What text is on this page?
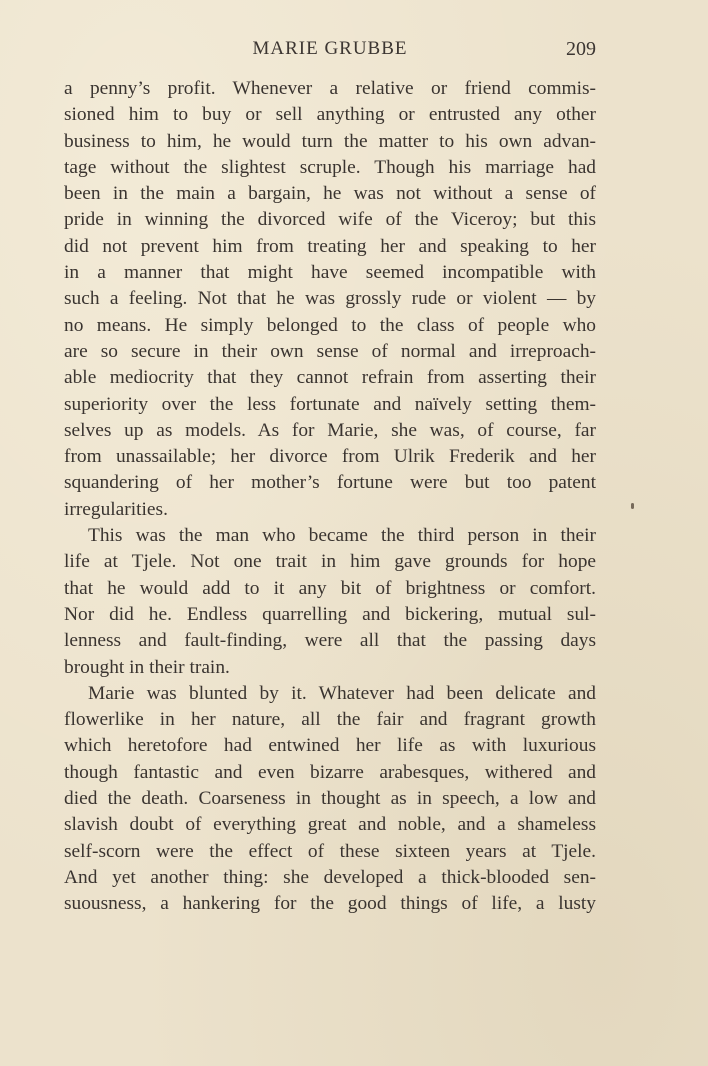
MARIE GRUBBE	209
a penny’s profit. Whenever a relative or friend commis-
sioned him to buy or sell anything or entrusted any other
business to him, he would turn the matter to his own advan-
tage without the slightest scruple. Though his marriage had
been in the main a bargain, he was not without a sense of
pride in winning the divorced wife of the Viceroy; but this
did not prevent him from treating her and speaking to her
in a manner that might have seemed incompatible with
such a feeling. Not that he was grossly rude or violent — by
no means. He simply belonged to the class of people who
are so secure in their own sense of normal and irreproach-
able mediocrity that they cannot refrain from asserting their
superiority over the less fortunate and naïvely setting them-
selves up as models. As for Marie, she was, of course, far
from unassailable; her divorce from Ulrik Frederik and her
squandering of her mother’s fortune were but too patent
irregularities.
This was the man who became the third person in their
life at Tjele. Not one trait in him gave grounds for hope
that he would add to it any bit of brightness or comfort.
Nor did he. Endless quarrelling and bickering, mutual sul-
lenness and fault-finding, were all that the passing days
brought in their train.
Marie was blunted by it. Whatever had been delicate and
flowerlike in her nature, all the fair and fragrant growth
which heretofore had entwined her life as with luxurious
though fantastic and even bizarre arabesques, withered and
died the death. Coarseness in thought as in speech, a low and
slavish doubt of everything great and noble, and a shameless
self-scorn were the effect of these sixteen years at Tjele.
And yet another thing: she developed a thick-blooded sen-
suousness, a hankering for the good things of life, a lusty
